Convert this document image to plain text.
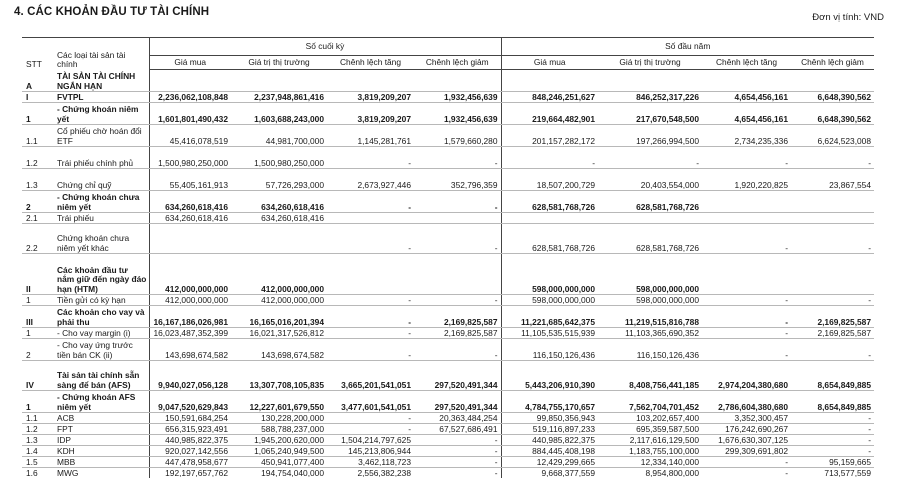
4. CÁC KHOẢN ĐẦU TƯ TÀI CHÍNH	Đơn vị tính: VND
STT	Các loại tài sản tài chính	Số cuối kỳ				Số đầu năm			
		Giá mua	Giá trị thị trường	Chênh lệch tăng	Chênh lệch giảm	Giá mua	Giá trị thị trường	Chênh lệch tăng	Chênh lệch giảm
A	TÀI SẢN TÀI CHÍNH NGẮN HẠN								
I	FVTPL	2,236,062,108,848	2,237,948,861,416	3,819,209,207	1,932,456,639	848,246,251,627	846,252,317,226	4,654,456,161	6,648,390,562
1	- Chứng khoán niêm yết	1,601,801,490,432	1,603,688,243,000	3,819,209,207	1,932,456,639	219,664,482,901	217,670,548,500	4,654,456,161	6,648,390,562
1.1	Cổ phiếu chờ hoán đổi ETF	45,416,078,519	44,981,700,000	1,145,281,761	1,579,660,280	201,157,282,172	197,266,994,500	2,734,235,336	6,624,523,008
1.2	Trái phiếu chính phủ	1,500,980,250,000	1,500,980,250,000	-	-	-	-	-	-
1.3	Chứng chỉ quỹ	55,405,161,913	57,726,293,000	2,673,927,446	352,796,359	18,507,200,729	20,403,554,000	1,920,220,825	23,867,554
2	- Chứng khoán chưa niêm yết	634,260,618,416	634,260,618,416	-	-	628,581,768,726	628,581,768,726		
2.1	Trái phiếu	634,260,618,416	634,260,618,416						
2.2	Chứng khoán chưa niêm yết khác			-	-	628,581,768,726	628,581,768,726	-	-
II	Các khoản đầu tư nắm giữ đến ngày đáo hạn (HTM)	412,000,000,000	412,000,000,000			598,000,000,000	598,000,000,000		
1	Tiền gửi có kỳ hạn	412,000,000,000	412,000,000,000	-	-	598,000,000,000	598,000,000,000	-	-
III	Các khoản cho vay và phải thu	16,167,186,026,981	16,165,016,201,394	-	2,169,825,587	11,221,685,642,375	11,219,515,816,788	-	2,169,825,587
1	- Cho vay margin (i)	16,023,487,352,399	16,021,317,526,812	-	2,169,825,587	11,105,535,515,939	11,103,365,690,352	-	2,169,825,587
2	- Cho vay ứng trước tiền bán CK (ii)	143,698,674,582	143,698,674,582	-	-	116,150,126,436	116,150,126,436	-	-
IV	Tài sản tài chính sẵn sàng để bán (AFS)	9,940,027,056,128	13,307,708,105,835	3,665,201,541,051	297,520,491,344	5,443,206,910,390	8,408,756,441,185	2,974,204,380,680	8,654,849,885
1	- Chứng khoán AFS niêm yết	9,047,520,629,843	12,227,601,679,550	3,477,601,541,051	297,520,491,344	4,784,755,170,657	7,562,704,701,452	2,786,604,380,680	8,654,849,885
1.1	ACB	150,591,684,254	130,228,200,000	-	20,363,484,254	99,850,356,943	103,202,657,400	3,352,300,457	-
1.2	FPT	656,315,923,491	588,788,237,000	-	67,527,686,491	519,116,897,233	695,359,587,500	176,242,690,267	-
1.3	IDP	440,985,822,375	1,945,200,620,000	1,504,214,797,625	-	440,985,822,375	2,117,616,129,500	1,676,630,307,125	-
1.4	KDH	920,027,142,556	1,065,240,949,500	145,213,806,944	-	884,445,408,198	1,183,755,100,000	299,309,691,802	-
1.5	MBB	447,478,958,677	450,941,077,400	3,462,118,723	-	12,429,299,665	12,334,140,000	-	95,159,665
1.6	MWG	192,197,657,762	194,754,040,000	2,556,382,238	-	9,668,377,559	8,954,800,000	-	713,577,559
